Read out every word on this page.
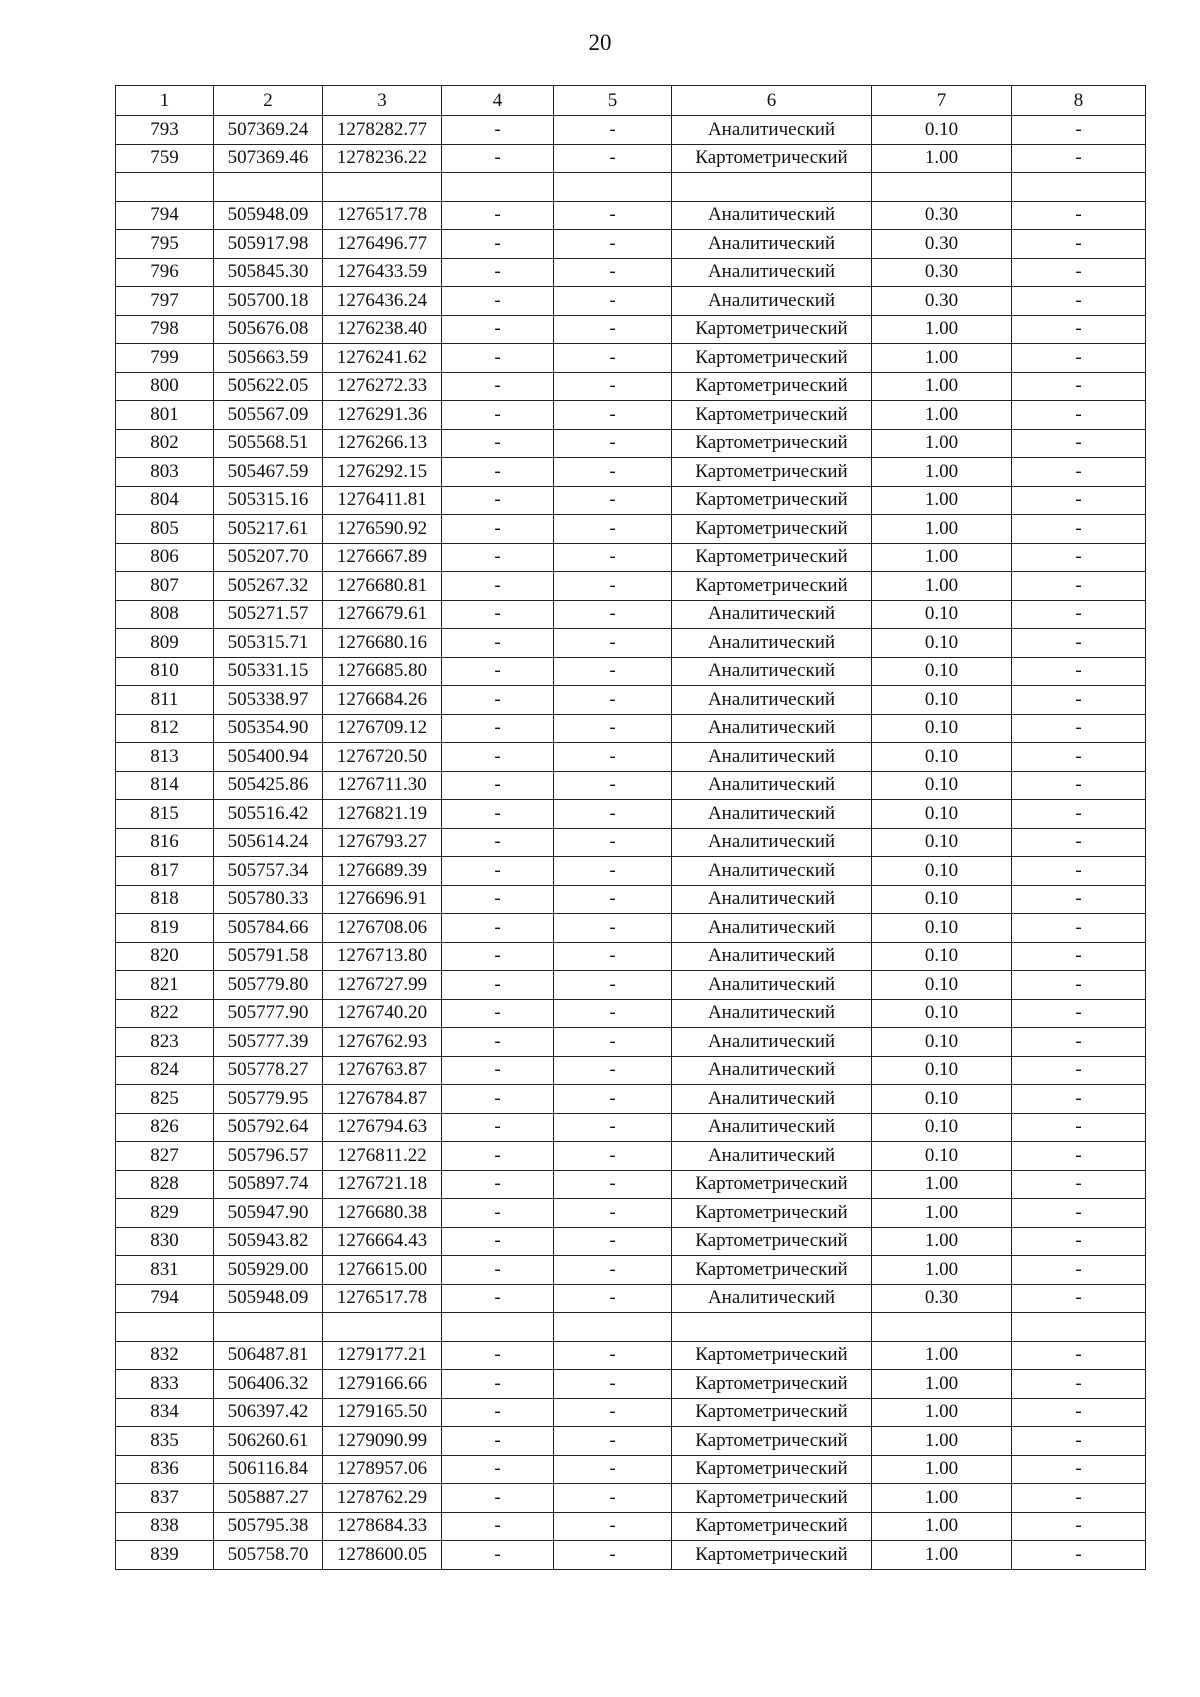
20
1	2	3	4	5	6	7	8
793	507369.24	1278282.77	-	-	Аналитический	0.10	-
759	507369.46	1278236.22	-	-	Картометрический	1.00	-

794	505948.09	1276517.78	-	-	Аналитический	0.30	-
795	505917.98	1276496.77	-	-	Аналитический	0.30	-
796	505845.30	1276433.59	-	-	Аналитический	0.30	-
797	505700.18	1276436.24	-	-	Аналитический	0.30	-
798	505676.08	1276238.40	-	-	Картометрический	1.00	-
799	505663.59	1276241.62	-	-	Картометрический	1.00	-
800	505622.05	1276272.33	-	-	Картометрический	1.00	-
801	505567.09	1276291.36	-	-	Картометрический	1.00	-
802	505568.51	1276266.13	-	-	Картометрический	1.00	-
803	505467.59	1276292.15	-	-	Картометрический	1.00	-
804	505315.16	1276411.81	-	-	Картометрический	1.00	-
805	505217.61	1276590.92	-	-	Картометрический	1.00	-
806	505207.70	1276667.89	-	-	Картометрический	1.00	-
807	505267.32	1276680.81	-	-	Картометрический	1.00	-
808	505271.57	1276679.61	-	-	Аналитический	0.10	-
809	505315.71	1276680.16	-	-	Аналитический	0.10	-
810	505331.15	1276685.80	-	-	Аналитический	0.10	-
811	505338.97	1276684.26	-	-	Аналитический	0.10	-
812	505354.90	1276709.12	-	-	Аналитический	0.10	-
813	505400.94	1276720.50	-	-	Аналитический	0.10	-
814	505425.86	1276711.30	-	-	Аналитический	0.10	-
815	505516.42	1276821.19	-	-	Аналитический	0.10	-
816	505614.24	1276793.27	-	-	Аналитический	0.10	-
817	505757.34	1276689.39	-	-	Аналитический	0.10	-
818	505780.33	1276696.91	-	-	Аналитический	0.10	-
819	505784.66	1276708.06	-	-	Аналитический	0.10	-
820	505791.58	1276713.80	-	-	Аналитический	0.10	-
821	505779.80	1276727.99	-	-	Аналитический	0.10	-
822	505777.90	1276740.20	-	-	Аналитический	0.10	-
823	505777.39	1276762.93	-	-	Аналитический	0.10	-
824	505778.27	1276763.87	-	-	Аналитический	0.10	-
825	505779.95	1276784.87	-	-	Аналитический	0.10	-
826	505792.64	1276794.63	-	-	Аналитический	0.10	-
827	505796.57	1276811.22	-	-	Аналитический	0.10	-
828	505897.74	1276721.18	-	-	Картометрический	1.00	-
829	505947.90	1276680.38	-	-	Картометрический	1.00	-
830	505943.82	1276664.43	-	-	Картометрический	1.00	-
831	505929.00	1276615.00	-	-	Картометрический	1.00	-
794	505948.09	1276517.78	-	-	Аналитический	0.30	-

832	506487.81	1279177.21	-	-	Картометрический	1.00	-
833	506406.32	1279166.66	-	-	Картометрический	1.00	-
834	506397.42	1279165.50	-	-	Картометрический	1.00	-
835	506260.61	1279090.99	-	-	Картометрический	1.00	-
836	506116.84	1278957.06	-	-	Картометрический	1.00	-
837	505887.27	1278762.29	-	-	Картометрический	1.00	-
838	505795.38	1278684.33	-	-	Картометрический	1.00	-
839	505758.70	1278600.05	-	-	Картометрический	1.00	-
